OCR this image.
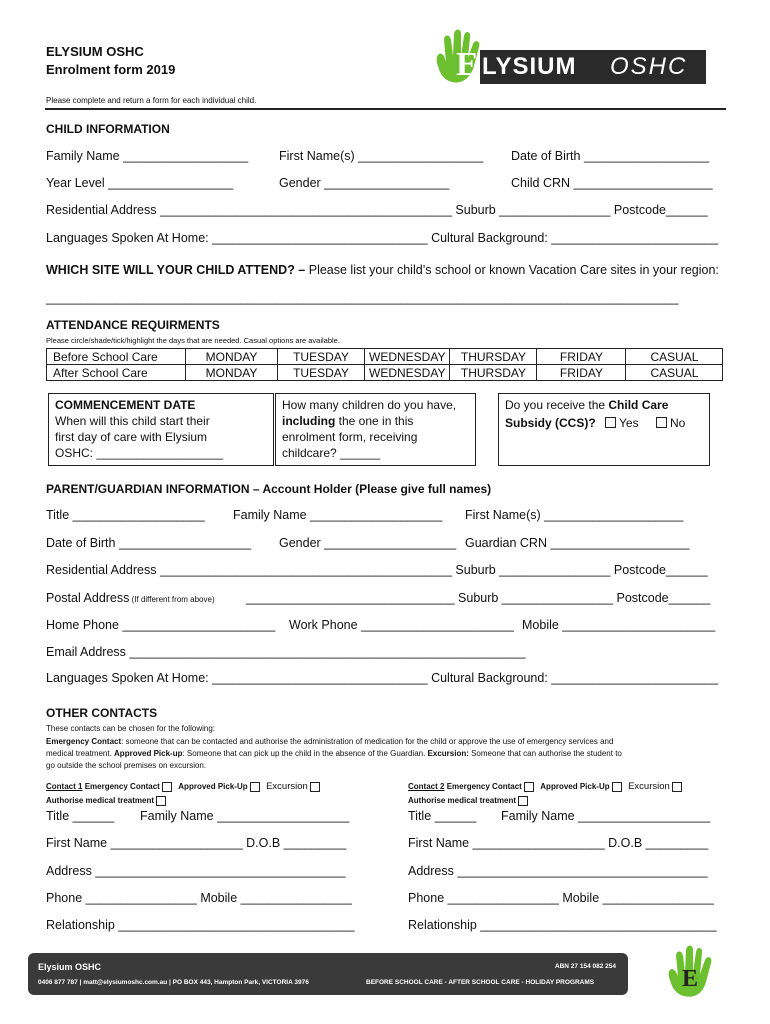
ELYSIUM OSHC
Enrolment form 2019
Please complete and return a form for each individual child.
E LYSIUM OSHC
CHILD INFORMATION
Family Name __________________ First Name(s) __________________ Date of Birth __________________
Year Level __________________	Gender __________________	Child CRN ____________________
Residential Address __________________________________________ Suburb ________________ Postcode______
Languages Spoken At Home: _______________________________ Cultural Background: ________________________
WHICH SITE WILL YOUR CHILD ATTEND? – Please list your child’s school or known Vacation Care sites in your region:
___________________________________________________________________________________________
ATTENDANCE REQUIRMENTS
Please circle/shade/tick/highlight the days that are needed. Casual options are available.
Before School Care	MONDAY	TUESDAY	WEDNESDAY	THURSDAY	FRIDAY	CASUAL
After School Care	MONDAY	TUESDAY	WEDNESDAY	THURSDAY	FRIDAY	CASUAL
COMMENCEMENT DATE
When will this child start their
first day of care with Elysium
OSHC: ___________________
How many children do you have,
including the one in this
enrolment form, receiving
childcare? ______
Do you receive the Child Care
Subsidy (CCS)? Yes	No
PARENT/GUARDIAN INFORMATION – Account Holder (Please give full names)
Title ___________________ Family Name ___________________ First Name(s) ____________________
Date of Birth ___________________ Gender ___________________ Guardian CRN ____________________
Residential Address __________________________________________ Suburb ________________ Postcode______
Postal Address (If different from above)	______________________________ Suburb ________________ Postcode______
Home Phone ______________________ Work Phone ______________________ Mobile ______________________
Email Address _________________________________________________________
Languages Spoken At Home: _______________________________ Cultural Background: ________________________
OTHER CONTACTS
These contacts can be chosen for the following:
Emergency Contact: someone that can be contacted and authorise the administration of medication for the child or approve the use of emergency services and
medical treatment. Approved Pick-up: Someone that can pick up the child in the absence of the Guardian. Excursion: Someone that can authorise the student to
go outside the school premises on excursion.
Contact 1 Emergency Contact Approved Pick-Up Excursion
Authorise medical treatment
Title ______ Family Name ___________________
First Name ___________________ D.O.B _________
Address ____________________________________
Phone ________________ Mobile ________________
Relationship __________________________________
Contact 2 Emergency Contact Approved Pick-Up Excursion
Authorise medical treatment
Title ______ Family Name ___________________
First Name ___________________ D.O.B _________
Address ____________________________________
Phone ________________ Mobile ________________
Relationship __________________________________
Elysium OSHC	ABN 27 154 082 254
0406 877 787 | matt@elysiumoshc.com.au | PO BOX 443, Hampton Park, VICTORIA 3976	BEFORE SCHOOL CARE - AFTER SCHOOL CARE - HOLIDAY PROGRAMS	E
